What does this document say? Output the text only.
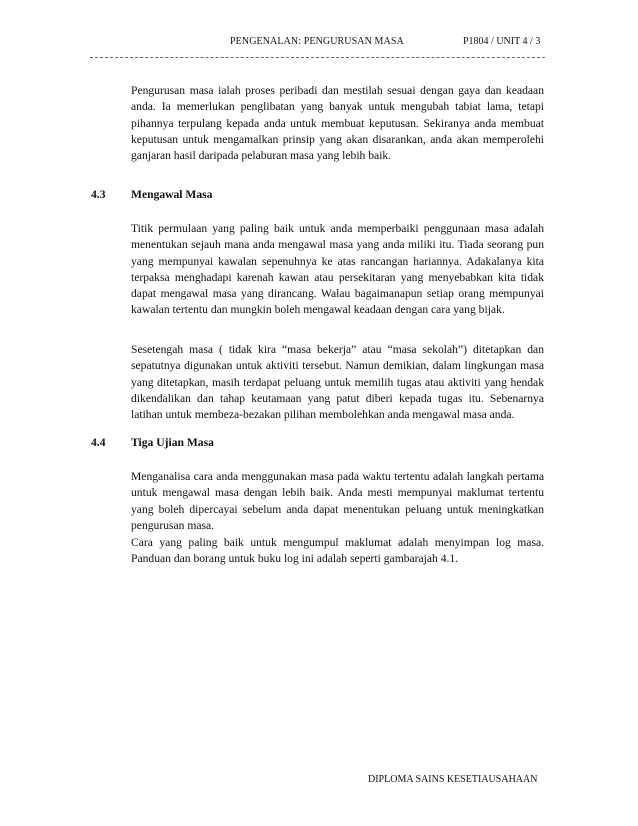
PENGENALAN: PENGURUSAN MASA	P1804 / UNIT 4 / 3

Pengurusan masa ialah proses peribadi dan mestilah sesuai dengan gaya dan keadaan anda. Ia memerlukan penglibatan yang banyak untuk mengubah tabiat lama, tetapi pihannya terpulang kepada anda untuk membuat keputusan. Sekiranya anda membuat keputusan untuk mengamalkan prinsip yang akan disarankan, anda akan memperolehi ganjaran hasil daripada pelaburan masa yang lebih baik.

4.3 Mengawal Masa

Titik permulaan yang paling baik untuk anda memperbaiki penggunaan masa adalah menentukan sejauh mana anda mengawal masa yang anda miliki itu. Tiada seorang pun yang mempunyai kawalan sepenuhnya ke atas rancangan hariannya. Adakalanya kita terpaksa menghadapi karenah kawan atau persekitaran yang menyebabkan kita tidak dapat mengawal masa yang dirancang. Walau bagaimanapun setiap orang mempunyai kawalan tertentu dan mungkin boleh mengawal keadaan dengan cara yang bijak.

Sesetengah masa ( tidak kira “masa bekerja” atau “masa sekolah”) ditetapkan dan sepatutnya digunakan untuk aktiviti tersebut. Namun demikian, dalam lingkungan masa yang ditetapkan, masih terdapat peluang untuk memilih tugas atau aktiviti yang hendak dikendalikan dan tahap keutamaan yang patut diberi kepada tugas itu. Sebenarnya latihan untuk membeza-bezakan pilihan membolehkan anda mengawal masa anda.

4.4 Tiga Ujian Masa

Menganalisa cara anda menggunakan masa pada waktu tertentu adalah langkah pertama untuk mengawal masa dengan lebih baik. Anda mesti mempunyai maklumat tertentu yang boleh dipercayai sebelum anda dapat menentukan peluang untuk meningkatkan pengurusan masa.

Cara yang paling baik untuk mengumpul maklumat adalah menyimpan log masa. Panduan dan borang untuk buku log ini adalah seperti gambarajah 4.1.

DIPLOMA SAINS KESETIAUSAHAAN
